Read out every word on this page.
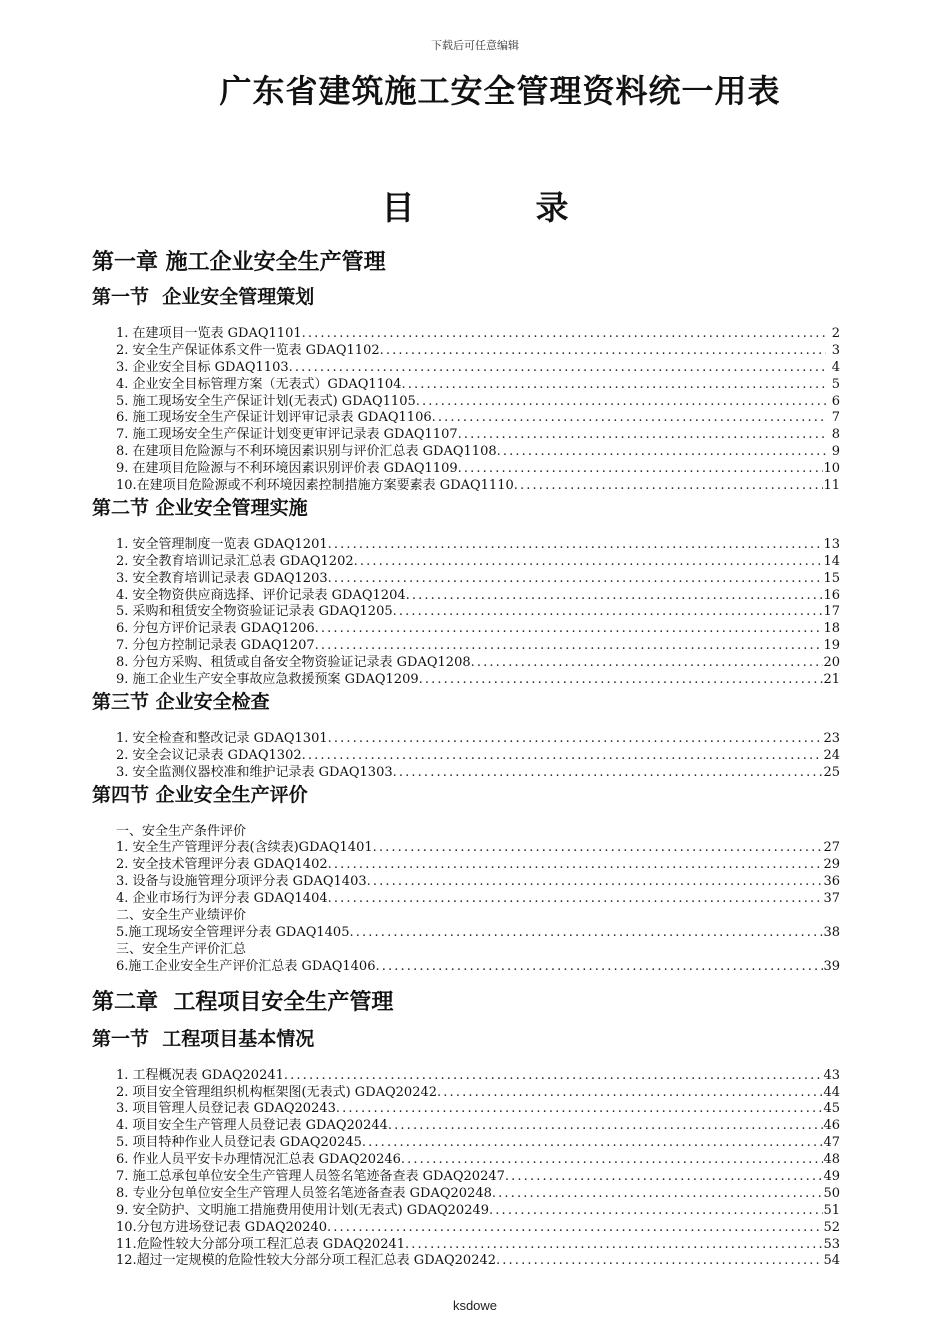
下载后可任意编辑
广东省建筑施工安全管理资料统一用表
目　录
第一章 施工企业安全生产管理
第一节  企业安全管理策划
1. 在建项目一览表 GDAQ1101 . . .	2
2. 安全生产保证体系文件一览表 GDAQ1102 . . .	3
3. 企业安全目标 GDAQ1103 . . .	4
4. 企业安全目标管理方案（无表式）GDAQ1104 . . .	5
5. 施工现场安全生产保证计划(无表式) GDAQ1105 . . .	6
6. 施工现场安全生产保证计划评审记录表 GDAQ1106 . . .	7
7. 施工现场安全生产保证计划变更审评记录表 GDAQ1107 . . .	8
8. 在建项目危险源与不利环境因素识别与评价汇总表 GDAQ1108 . . .	9
9. 在建项目危险源与不利环境因素识别评价表 GDAQ1109 . . .	10
10.在建项目危险源或不利环境因素控制措施方案要素表 GDAQ1110 . . .	11
第二节 企业安全管理实施
1. 安全管理制度一览表 GDAQ1201 . . .	13
2. 安全教育培训记录汇总表 GDAQ1202 . . .	14
3. 安全教育培训记录表 GDAQ1203 . . .	15
4. 安全物资供应商选择、评价记录表 GDAQ1204 . . .	16
5. 采购和租赁安全物资验证记录表 GDAQ1205 . . .	17
6. 分包方评价记录表 GDAQ1206 . . .	18
7. 分包方控制记录表 GDAQ1207 . . .	19
8. 分包方采购、租赁或自备安全物资验证记录表 GDAQ1208 . . .	20
9. 施工企业生产安全事故应急救援预案 GDAQ1209 . . .	21
第三节 企业安全检查
1. 安全检查和整改记录 GDAQ1301 . . .	23
2. 安全会议记录表 GDAQ1302 . . .	24
3. 安全监测仪器校准和维护记录表 GDAQ1303 . . .	25
第四节 企业安全生产评价
一、安全生产条件评价
1. 安全生产管理评分表(含续表)GDAQ1401 . . .	27
2. 安全技术管理评分表 GDAQ1402 . . .	29
3. 设备与设施管理分项评分表 GDAQ1403 . . .	36
4. 企业市场行为评分表 GDAQ1404 . . .	37
二、安全生产业绩评价
5.施工现场安全管理评分表 GDAQ1405 . . .	38
三、安全生产评价汇总
6.施工企业安全生产评价汇总表 GDAQ1406 . . .	39
第二章  工程项目安全生产管理
第一节  工程项目基本情况
1. 工程概况表 GDAQ20241 . . .	43
2. 项目安全管理组织机构框架图(无表式) GDAQ20242 . . .	44
3. 项目管理人员登记表 GDAQ20243 . . .	45
4. 项目安全生产管理人员登记表 GDAQ20244 . . .	46
5. 项目特种作业人员登记表 GDAQ20245 . . .	47
6. 作业人员平安卡办理情况汇总表 GDAQ20246 . . .	48
7. 施工总承包单位安全生产管理人员签名笔迹备查表 GDAQ20247 . . .	49
8. 专业分包单位安全生产管理人员签名笔迹备查表 GDAQ20248 . . .	50
9. 安全防护、文明施工措施费用使用计划(无表式) GDAQ20249 . . .	51
10.分包方进场登记表 GDAQ20240 . . .	52
11.危险性较大分部分项工程汇总表 GDAQ20241 . . .	53
12.超过一定规模的危险性较大分部分项工程汇总表 GDAQ20242 . . .	54
ksdowe
